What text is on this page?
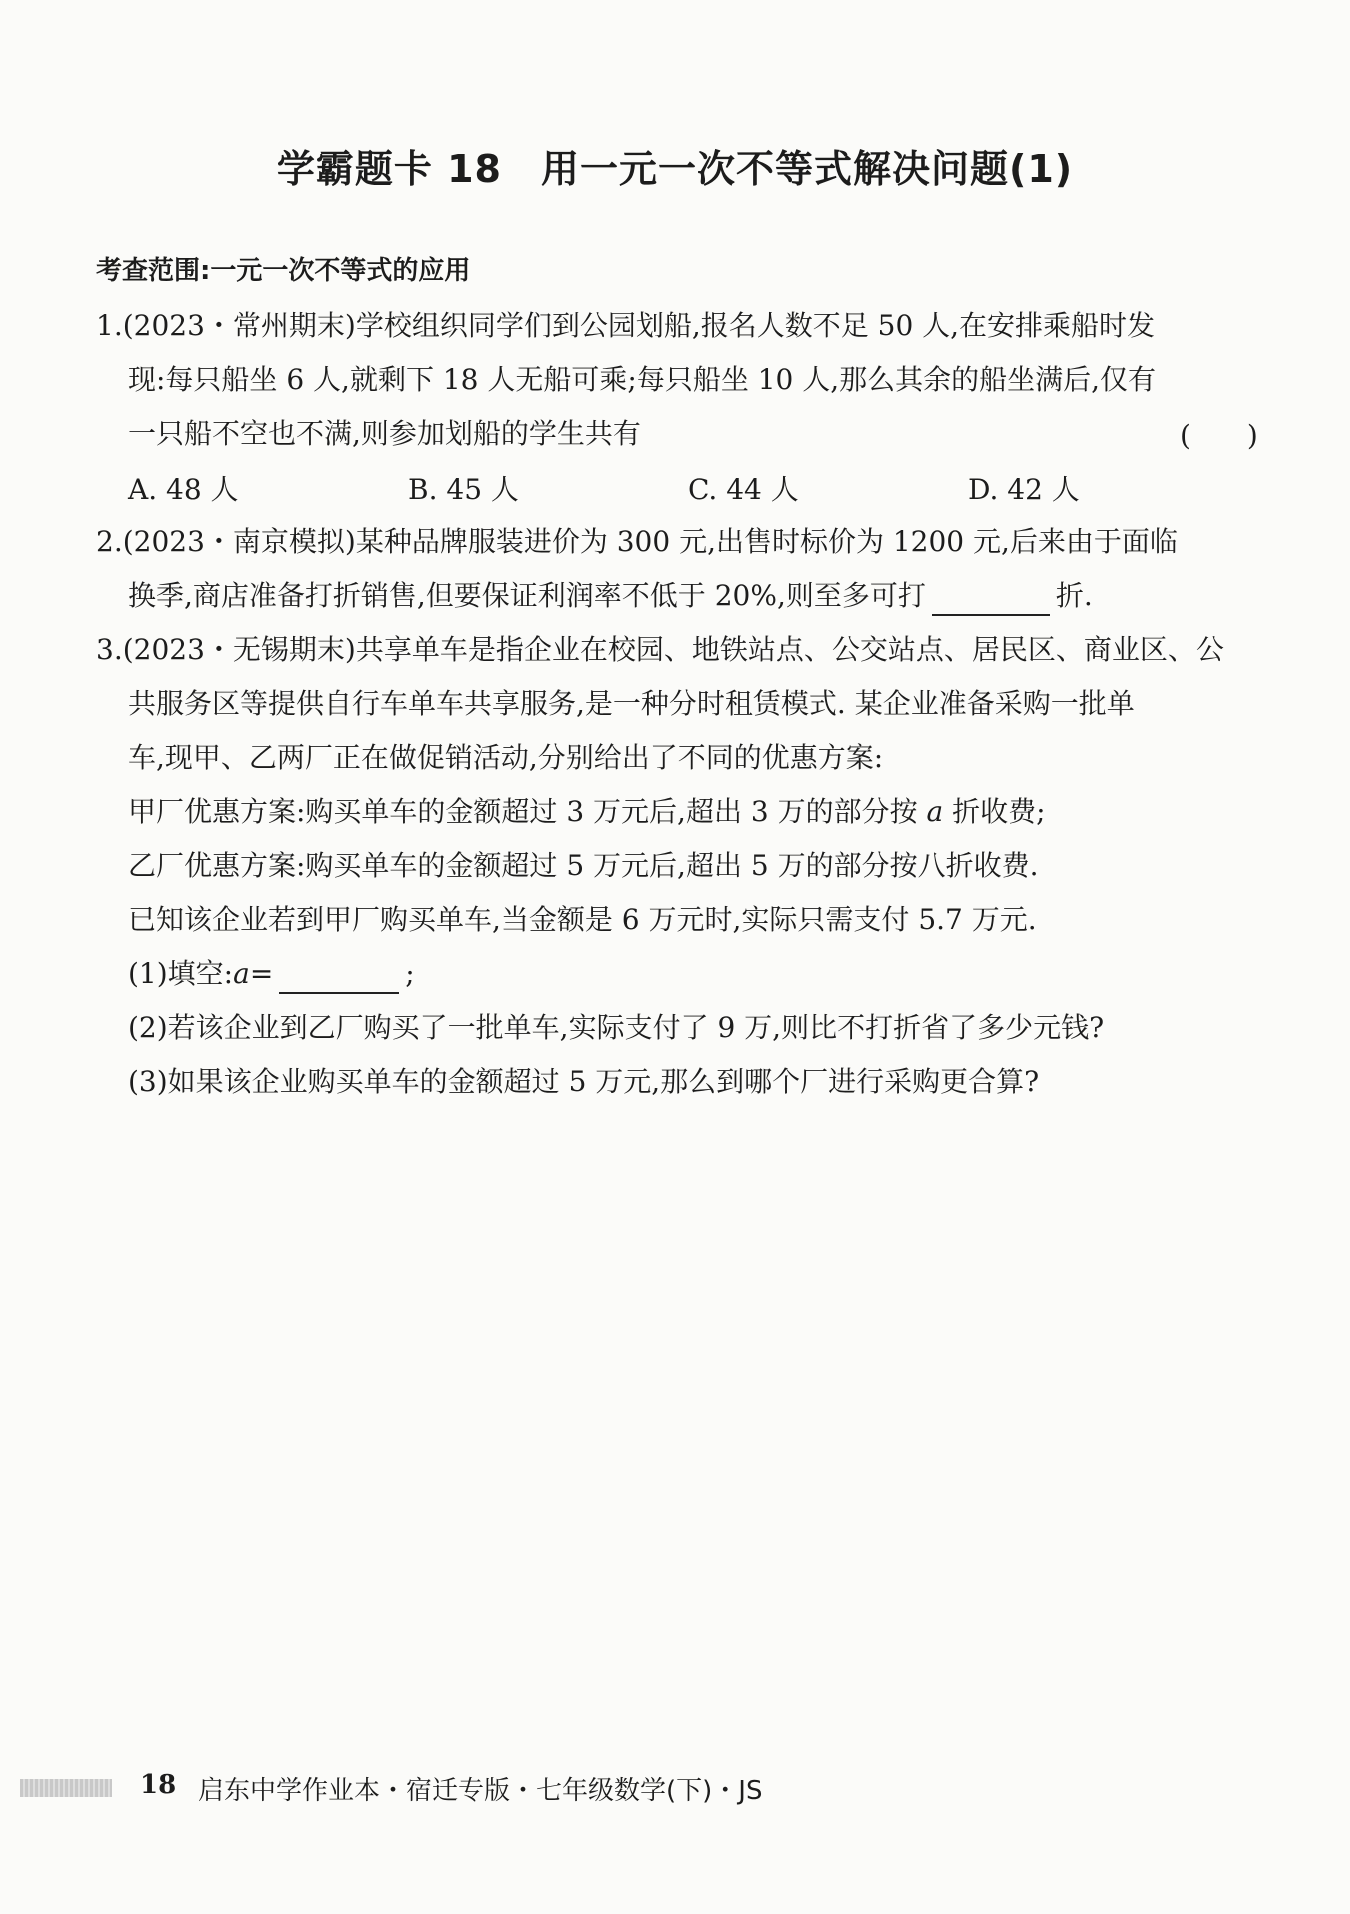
学霸题卡 18　用一元一次不等式解决问题(1)
考查范围:一元一次不等式的应用
1.(2023・常州期末)学校组织同学们到公园划船,报名人数不足 50 人,在安排乘船时发
现:每只船坐 6 人,就剩下 18 人无船可乘;每只船坐 10 人,那么其余的船坐满后,仅有
一只船不空也不满,则参加划船的学生共有	(　　)
A. 48 人	B. 45 人	C. 44 人	D. 42 人
2.(2023・南京模拟)某种品牌服装进价为 300 元,出售时标价为 1200 元,后来由于面临
换季,商店准备打折销售,但要保证利润率不低于 20%,则至多可打	折.
3.(2023・无锡期末)共享单车是指企业在校园、地铁站点、公交站点、居民区、商业区、公
共服务区等提供自行车单车共享服务,是一种分时租赁模式. 某企业准备采购一批单
车,现甲、乙两厂正在做促销活动,分别给出了不同的优惠方案:
甲厂优惠方案:购买单车的金额超过 3 万元后,超出 3 万的部分按 a 折收费;
乙厂优惠方案:购买单车的金额超过 5 万元后,超出 5 万的部分按八折收费.
已知该企业若到甲厂购买单车,当金额是 6 万元时,实际只需支付 5.7 万元.
(1)填空:a=	;
(2)若该企业到乙厂购买了一批单车,实际支付了 9 万,则比不打折省了多少元钱?
(3)如果该企业购买单车的金额超过 5 万元,那么到哪个厂进行采购更合算?
18 启东中学作业本・宿迁专版・七年级数学(下)・JS
